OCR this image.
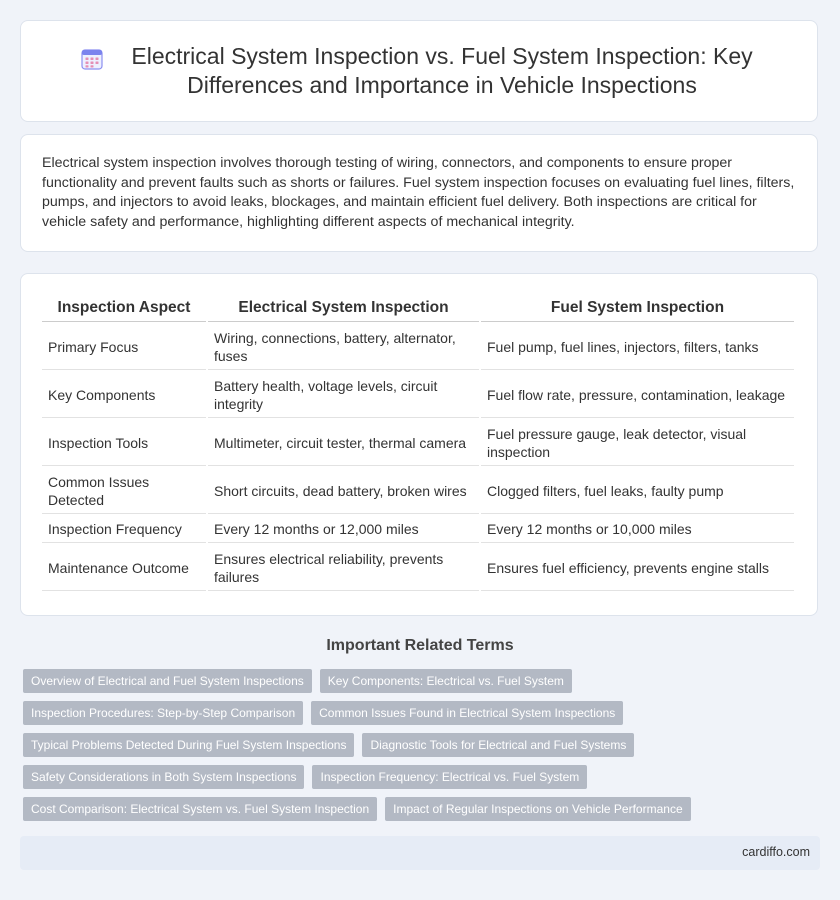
Electrical System Inspection vs. Fuel System Inspection: Key Differences and Importance in Vehicle Inspections

Electrical system inspection involves thorough testing of wiring, connectors, and components to ensure proper functionality and prevent faults such as shorts or failures. Fuel system inspection focuses on evaluating fuel lines, filters, pumps, and injectors to avoid leaks, blockages, and maintain efficient fuel delivery. Both inspections are critical for vehicle safety and performance, highlighting different aspects of mechanical integrity.

Inspection Aspect	Electrical System Inspection	Fuel System Inspection
Primary Focus	Wiring, connections, battery, alternator, fuses	Fuel pump, fuel lines, injectors, filters, tanks
Key Components	Battery health, voltage levels, circuit integrity	Fuel flow rate, pressure, contamination, leakage
Inspection Tools	Multimeter, circuit tester, thermal camera	Fuel pressure gauge, leak detector, visual inspection
Common Issues Detected	Short circuits, dead battery, broken wires	Clogged filters, fuel leaks, faulty pump
Inspection Frequency	Every 12 months or 12,000 miles	Every 12 months or 10,000 miles
Maintenance Outcome	Ensures electrical reliability, prevents failures	Ensures fuel efficiency, prevents engine stalls
Important Related Terms
Overview of Electrical and Fuel System Inspections	Key Components: Electrical vs. Fuel System
Inspection Procedures: Step-by-Step Comparison	Common Issues Found in Electrical System Inspections
Typical Problems Detected During Fuel System Inspections	Diagnostic Tools for Electrical and Fuel Systems
Safety Considerations in Both System Inspections	Inspection Frequency: Electrical vs. Fuel System
Cost Comparison: Electrical System vs. Fuel System Inspection	Impact of Regular Inspections on Vehicle Performance
cardiffo.com
